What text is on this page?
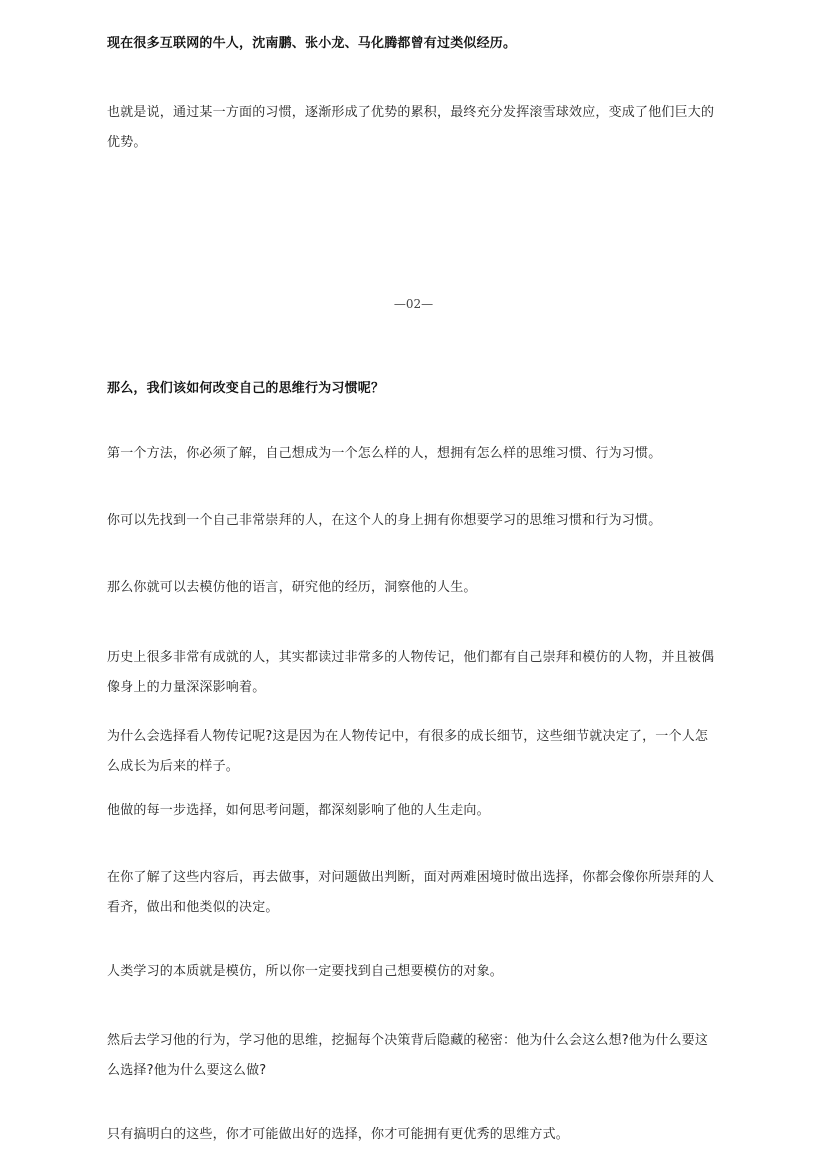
现在很多互联网的牛人，沈南鹏、张小龙、马化腾都曾有过类似经历。

也就是说，通过某一方面的习惯，逐渐形成了优势的累积，最终充分发挥滚雪球效应，变成了他们巨大的优势。

—02—

那么，我们该如何改变自己的思维行为习惯呢？

第一个方法，你必须了解，自己想成为一个怎么样的人，想拥有怎么样的思维习惯、行为习惯。

你可以先找到一个自己非常崇拜的人，在这个人的身上拥有你想要学习的思维习惯和行为习惯。

那么你就可以去模仿他的语言，研究他的经历，洞察他的人生。

历史上很多非常有成就的人，其实都读过非常多的人物传记，他们都有自己崇拜和模仿的人物，并且被偶像身上的力量深深影响着。

为什么会选择看人物传记呢?这是因为在人物传记中，有很多的成长细节，这些细节就决定了，一个人怎么成长为后来的样子。

他做的每一步选择，如何思考问题，都深刻影响了他的人生走向。

在你了解了这些内容后，再去做事，对问题做出判断，面对两难困境时做出选择，你都会像你所崇拜的人看齐，做出和他类似的决定。

人类学习的本质就是模仿，所以你一定要找到自己想要模仿的对象。

然后去学习他的行为，学习他的思维，挖掘每个决策背后隐藏的秘密：他为什么会这么想?他为什么要这么选择?他为什么要这么做?

只有搞明白的这些，你才可能做出好的选择，你才可能拥有更优秀的思维方式。
